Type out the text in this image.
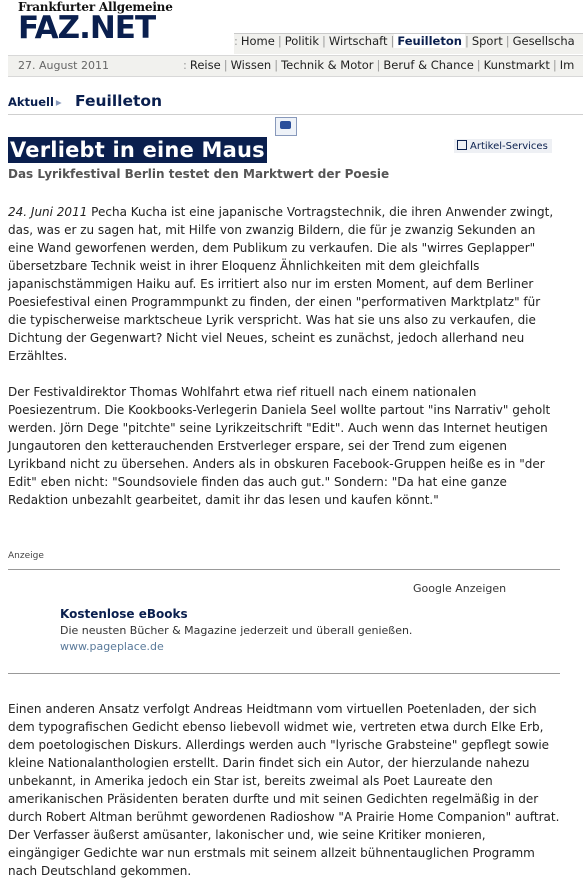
Frankfurter Allgemeine
FAZ.NET	: Home | Politik | Wirtschaft | Feuilleton | Sport | Gesellscha
27. August 2011	: Reise | Wissen | Technik & Motor | Beruf & Chance | Kunstmarkt | Im
Aktuell ▸ Feuilleton
Verliebt in eine Maus	Artikel-Services
Das Lyrikfestival Berlin testet den Marktwert der Poesie
24. Juni 2011 Pecha Kucha ist eine japanische Vortragstechnik, die ihren Anwender zwingt, das, was er zu sagen hat, mit Hilfe von zwanzig Bildern, die für je zwanzig Sekunden an eine Wand geworfenen werden, dem Publikum zu verkaufen. Die als "wirres Geplapper" übersetzbare Technik weist in ihrer Eloquenz Ähnlichkeiten mit dem gleichfalls japanischstämmigen Haiku auf. Es irritiert also nur im ersten Moment, auf dem Berliner Poesiefestival einen Programmpunkt zu finden, der einen "performativen Marktplatz" für die typischerweise marktscheue Lyrik verspricht. Was hat sie uns also zu verkaufen, die Dichtung der Gegenwart? Nicht viel Neues, scheint es zunächst, jedoch allerhand neu Erzähltes.
Der Festivaldirektor Thomas Wohlfahrt etwa rief rituell nach einem nationalen Poesiezentrum. Die Kookbooks-Verlegerin Daniela Seel wollte partout "ins Narrativ" geholt werden. Jörn Dege "pitchte" seine Lyrikzeitschrift "Edit". Auch wenn das Internet heutigen Jungautoren den ketterauchenden Erstverleger erspare, sei der Trend zum eigenen Lyrikband nicht zu übersehen. Anders als in obskuren Facebook-Gruppen heiße es in "der Edit" eben nicht: "Soundsoviele finden das auch gut." Sondern: "Da hat eine ganze Redaktion unbezahlt gearbeitet, damit ihr das lesen und kaufen könnt."
Anzeige
Google Anzeigen
Kostenlose eBooks
Die neusten Bücher & Magazine jederzeit und überall genießen.
www.pageplace.de
Einen anderen Ansatz verfolgt Andreas Heidtmann vom virtuellen Poetenladen, der sich dem typografischen Gedicht ebenso liebevoll widmet wie, vertreten etwa durch Elke Erb, dem poetologischen Diskurs. Allerdings werden auch "lyrische Grabsteine" gepflegt sowie kleine Nationalanthologien erstellt. Darin findet sich ein Autor, der hierzulande nahezu unbekannt, in Amerika jedoch ein Star ist, bereits zweimal als Poet Laureate den amerikanischen Präsidenten beraten durfte und mit seinen Gedichten regelmäßig in der durch Robert Altman berühmt gewordenen Radioshow "A Prairie Home Companion" auftrat. Der Verfasser äußerst amüsanter, lakonischer und, wie seine Kritiker monieren, eingängiger Gedichte war nun erstmals mit seinem allzeit bühnentauglichen Programm nach Deutschland gekommen.
